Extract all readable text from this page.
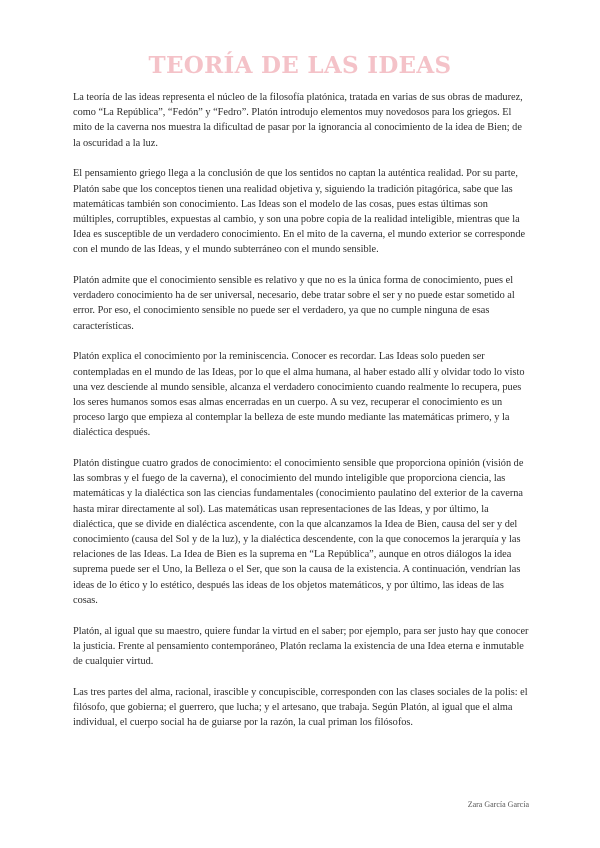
TEORÍA DE LAS IDEAS

La teoría de las ideas representa el núcleo de la filosofía platónica, tratada en varias de sus obras de madurez, como “La República”, “Fedón” y “Fedro”. Platón introdujo elementos muy novedosos para los griegos. El mito de la caverna nos muestra la dificultad de pasar por la ignorancia al conocimiento de la idea de Bien; de la oscuridad a la luz.

El pensamiento griego llega a la conclusión de que los sentidos no captan la auténtica realidad. Por su parte, Platón sabe que los conceptos tienen una realidad objetiva y, siguiendo la tradición pitagórica, sabe que las matemáticas también son conocimiento. Las Ideas son el modelo de las cosas, pues estas últimas son múltiples, corruptibles, expuestas al cambio, y son una pobre copia de la realidad inteligible, mientras que la Idea es susceptible de un verdadero conocimiento. En el mito de la caverna, el mundo exterior se corresponde con el mundo de las Ideas, y el mundo subterráneo con el mundo sensible.

Platón admite que el conocimiento sensible es relativo y que no es la única forma de conocimiento, pues el verdadero conocimiento ha de ser universal, necesario, debe tratar sobre el ser y no puede estar sometido al error. Por eso, el conocimiento sensible no puede ser el verdadero, ya que no cumple ninguna de esas características.

Platón explica el conocimiento por la reminiscencia. Conocer es recordar. Las Ideas solo pueden ser contempladas en el mundo de las Ideas, por lo que el alma humana, al haber estado allí y olvidar todo lo visto una vez desciende al mundo sensible, alcanza el verdadero conocimiento cuando realmente lo recupera, pues los seres humanos somos esas almas encerradas en un cuerpo. A su vez, recuperar el conocimiento es un proceso largo que empieza al contemplar la belleza de este mundo mediante las matemáticas primero, y la dialéctica después.

Platón distingue cuatro grados de conocimiento: el conocimiento sensible que proporciona opinión (visión de las sombras y el fuego de la caverna), el conocimiento del mundo inteligible que proporciona ciencia, las matemáticas y la dialéctica son las ciencias fundamentales (conocimiento paulatino del exterior de la caverna hasta mirar directamente al sol). Las matemáticas usan representaciones de las Ideas, y por último, la dialéctica, que se divide en dialéctica ascendente, con la que alcanzamos la Idea de Bien, causa del ser y del conocimiento (causa del Sol y de la luz), y la dialéctica descendente, con la que conocemos la jerarquía y las relaciones de las Ideas. La Idea de Bien es la suprema en “La República”, aunque en otros diálogos la idea suprema puede ser el Uno, la Belleza o el Ser, que son la causa de la existencia. A continuación, vendrían las ideas de lo ético y lo estético, después las ideas de los objetos matemáticos, y por último, las ideas de las cosas.

Platón, al igual que su maestro, quiere fundar la virtud en el saber; por ejemplo, para ser justo hay que conocer la justicia. Frente al pensamiento contemporáneo, Platón reclama la existencia de una Idea eterna e inmutable de cualquier virtud.

Las tres partes del alma, racional, irascible y concupiscible, corresponden con las clases sociales de la polis: el filósofo, que gobierna; el guerrero, que lucha; y el artesano, que trabaja. Según Platón, al igual que el alma individual, el cuerpo social ha de guiarse por la razón, la cual priman los filósofos.

Zara García García
